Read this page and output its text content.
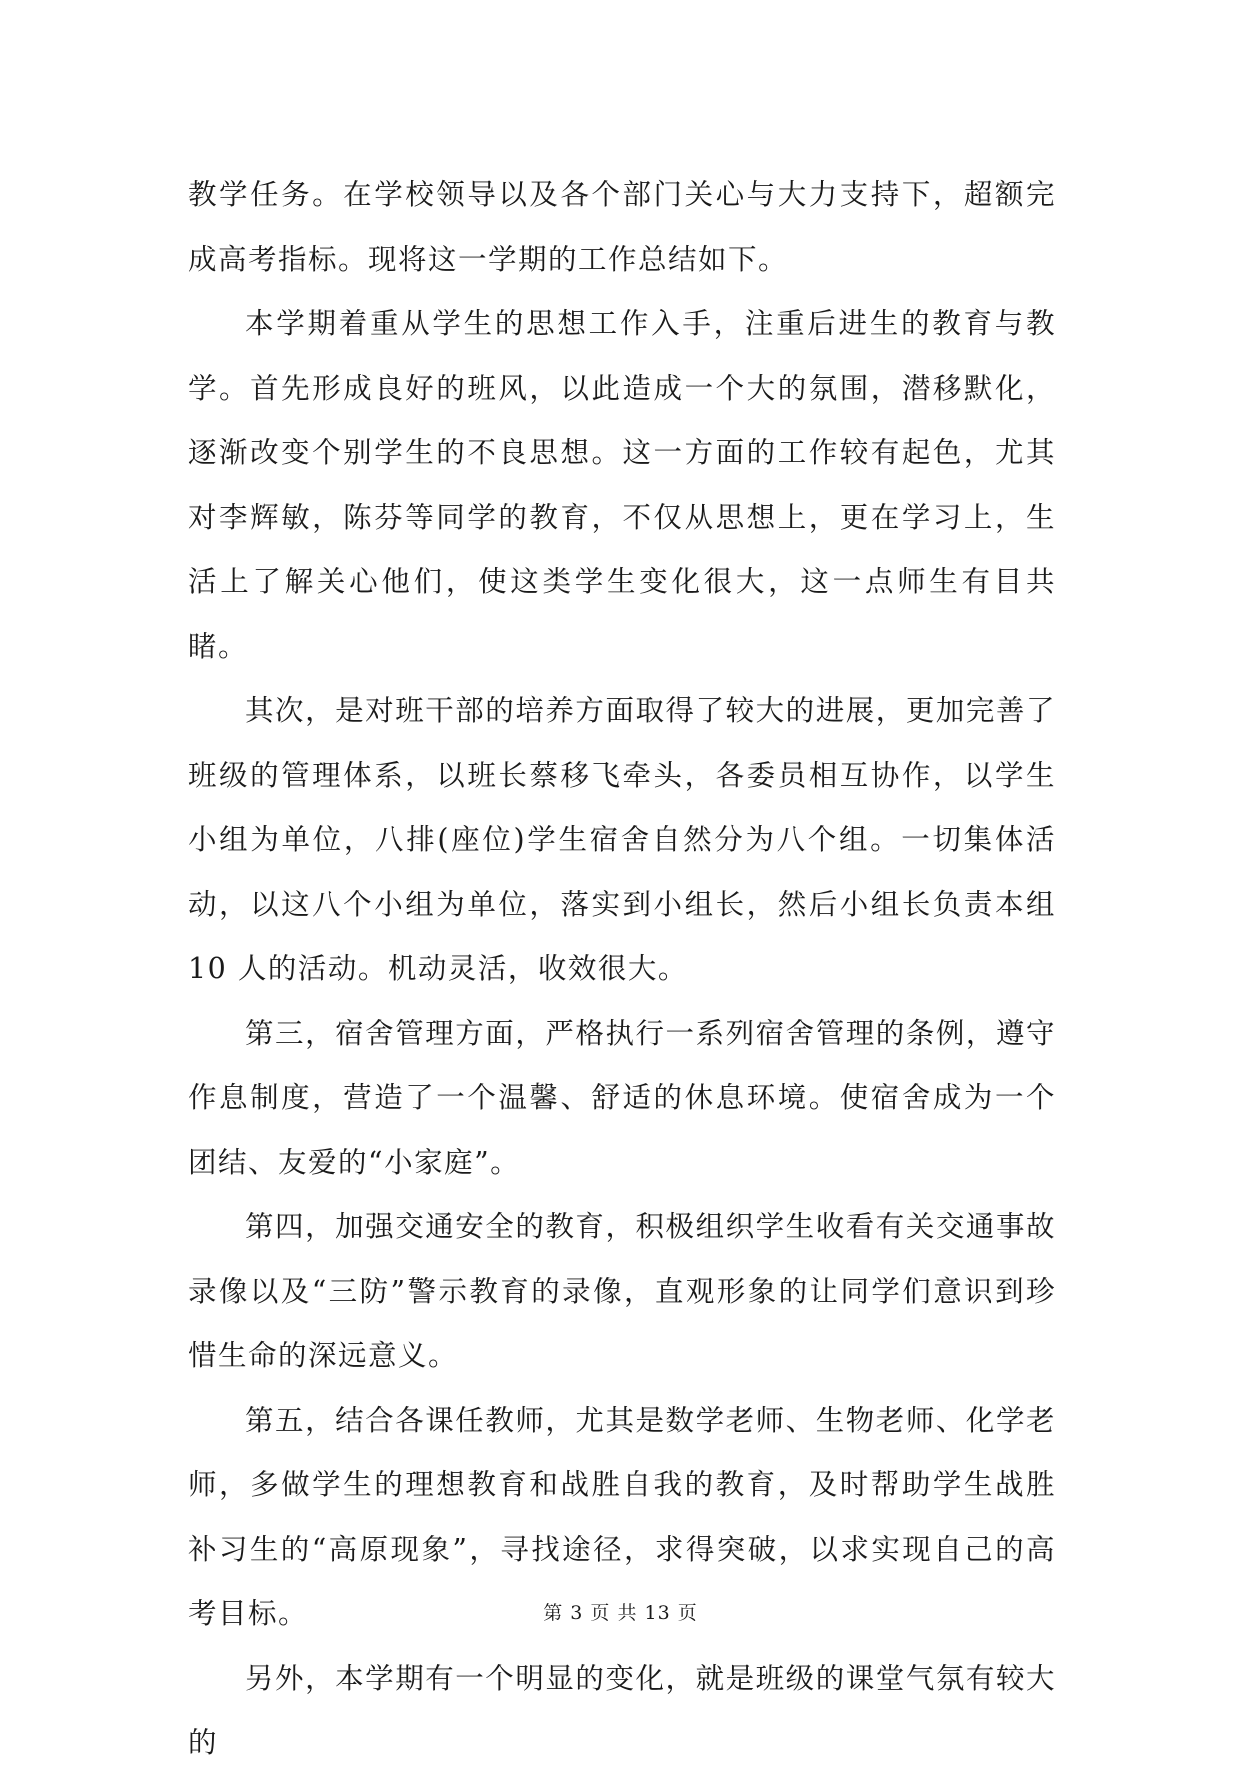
教学任务。在学校领导以及各个部门关心与大力支持下，超额完成高考指标。现将这一学期的工作总结如下。

本学期着重从学生的思想工作入手，注重后进生的教育与教学。首先形成良好的班风，以此造成一个大的氛围，潜移默化，逐渐改变个别学生的不良思想。这一方面的工作较有起色，尤其对李辉敏，陈芬等同学的教育，不仅从思想上，更在学习上，生活上了解关心他们，使这类学生变化很大，这一点师生有目共睹。

其次，是对班干部的培养方面取得了较大的进展，更加完善了班级的管理体系，以班长蔡移飞牵头，各委员相互协作，以学生小组为单位，八排(座位)学生宿舍自然分为八个组。一切集体活动，以这八个小组为单位，落实到小组长，然后小组长负责本组 10 人的活动。机动灵活，收效很大。

第三，宿舍管理方面，严格执行一系列宿舍管理的条例，遵守作息制度，营造了一个温馨、舒适的休息环境。使宿舍成为一个团结、友爱的“小家庭”。

第四，加强交通安全的教育，积极组织学生收看有关交通事故录像以及“三防”警示教育的录像，直观形象的让同学们意识到珍惜生命的深远意义。

第五，结合各课任教师，尤其是数学老师、生物老师、化学老师，多做学生的理想教育和战胜自我的教育，及时帮助学生战胜补习生的“高原现象”，寻找途径，求得突破，以求实现自己的高考目标。

另外，本学期有一个明显的变化，就是班级的课堂气氛有较大的

第 3 页 共 13 页
